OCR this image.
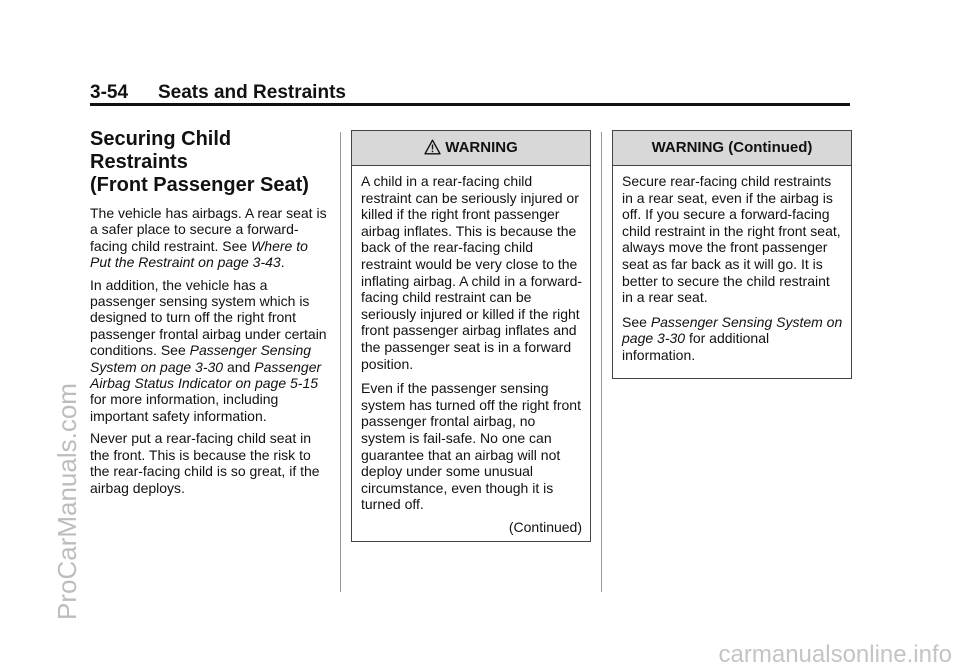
3-54 Seats and Restraints
Securing Child Restraints
(Front Passenger Seat)

The vehicle has airbags. A rear seat is a safer place to secure a forward-facing child restraint. See Where to Put the Restraint on page 3-43.

In addition, the vehicle has a passenger sensing system which is designed to turn off the right front passenger frontal airbag under certain conditions. See Passenger Sensing System on page 3-30 and Passenger Airbag Status Indicator on page 5-15 for more information, including important safety information.

Never put a rear-facing child seat in the front. This is because the risk to the rear-facing child is so great, if the airbag deploys.

WARNING

A child in a rear-facing child restraint can be seriously injured or killed if the right front passenger airbag inflates. This is because the back of the rear-facing child restraint would be very close to the inflating airbag. A child in a forward-facing child restraint can be seriously injured or killed if the right front passenger airbag inflates and the passenger seat is in a forward position.

Even if the passenger sensing system has turned off the right front passenger frontal airbag, no system is fail-safe. No one can guarantee that an airbag will not deploy under some unusual circumstance, even though it is turned off.

(Continued)
WARNING (Continued)

Secure rear-facing child restraints in a rear seat, even if the airbag is off. If you secure a forward-facing child restraint in the right front seat, always move the front passenger seat as far back as it will go. It is better to secure the child restraint in a rear seat.

See Passenger Sensing System on page 3-30 for additional information.

ProCarManuals.com
carmanualsonline.info
